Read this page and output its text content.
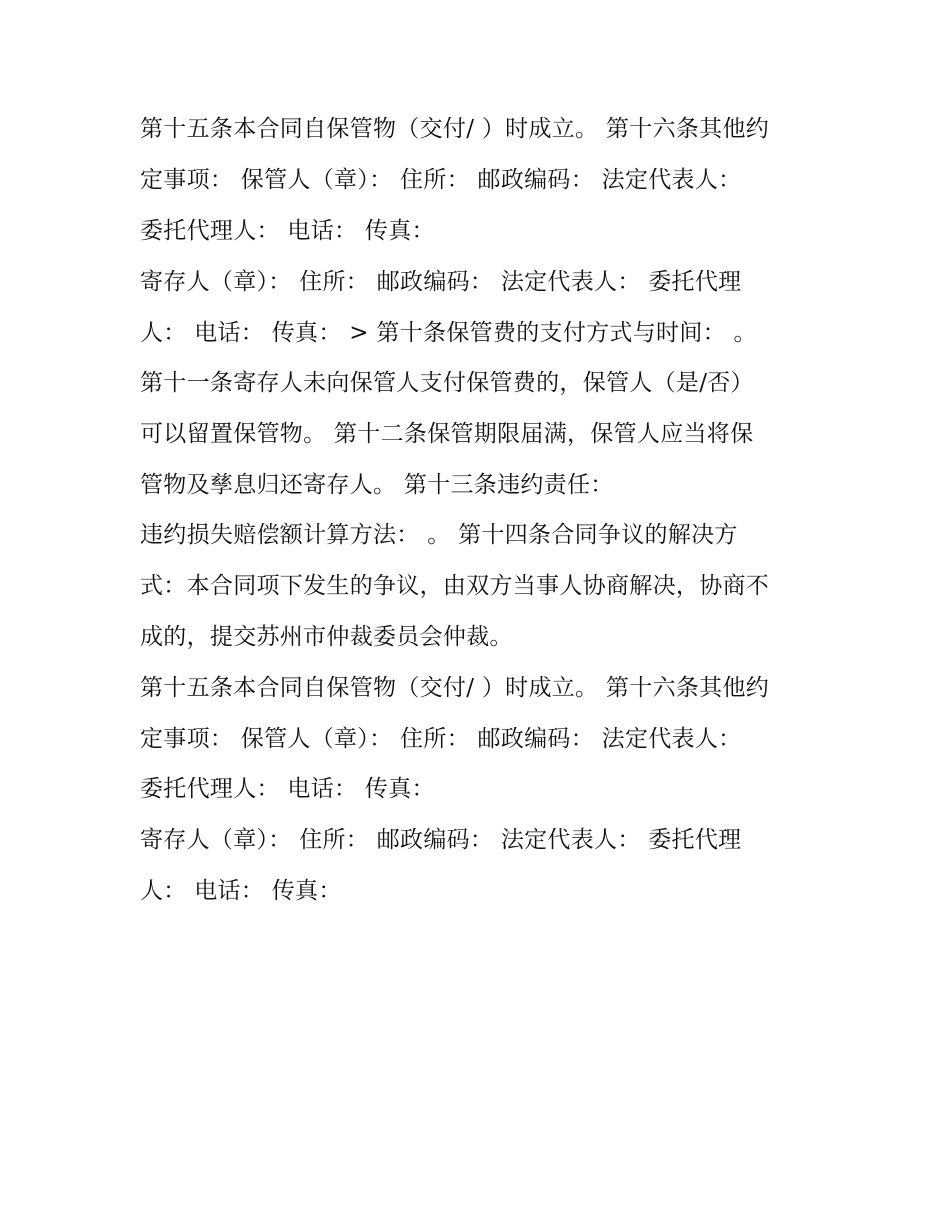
第十五条本合同自保管物（交付/ ）时成立。 第十六条其他约
定事项： 保管人（章）： 住所： 邮政编码： 法定代表人：
委托代理人： 电话： 传真：
寄存人（章）： 住所： 邮政编码： 法定代表人： 委托代理
人： 电话： 传真： > 第十条保管费的支付方式与时间： 。
第十一条寄存人未向保管人支付保管费的，保管人（是/否）
可以留置保管物。 第十二条保管期限届满，保管人应当将保
管物及孳息归还寄存人。 第十三条违约责任：
违约损失赔偿额计算方法： 。 第十四条合同争议的解决方
式：本合同项下发生的争议，由双方当事人协商解决，协商不
成的，提交苏州市仲裁委员会仲裁。
第十五条本合同自保管物（交付/ ）时成立。 第十六条其他约
定事项： 保管人（章）： 住所： 邮政编码： 法定代表人：
委托代理人： 电话： 传真：
寄存人（章）： 住所： 邮政编码： 法定代表人： 委托代理
人： 电话： 传真：
